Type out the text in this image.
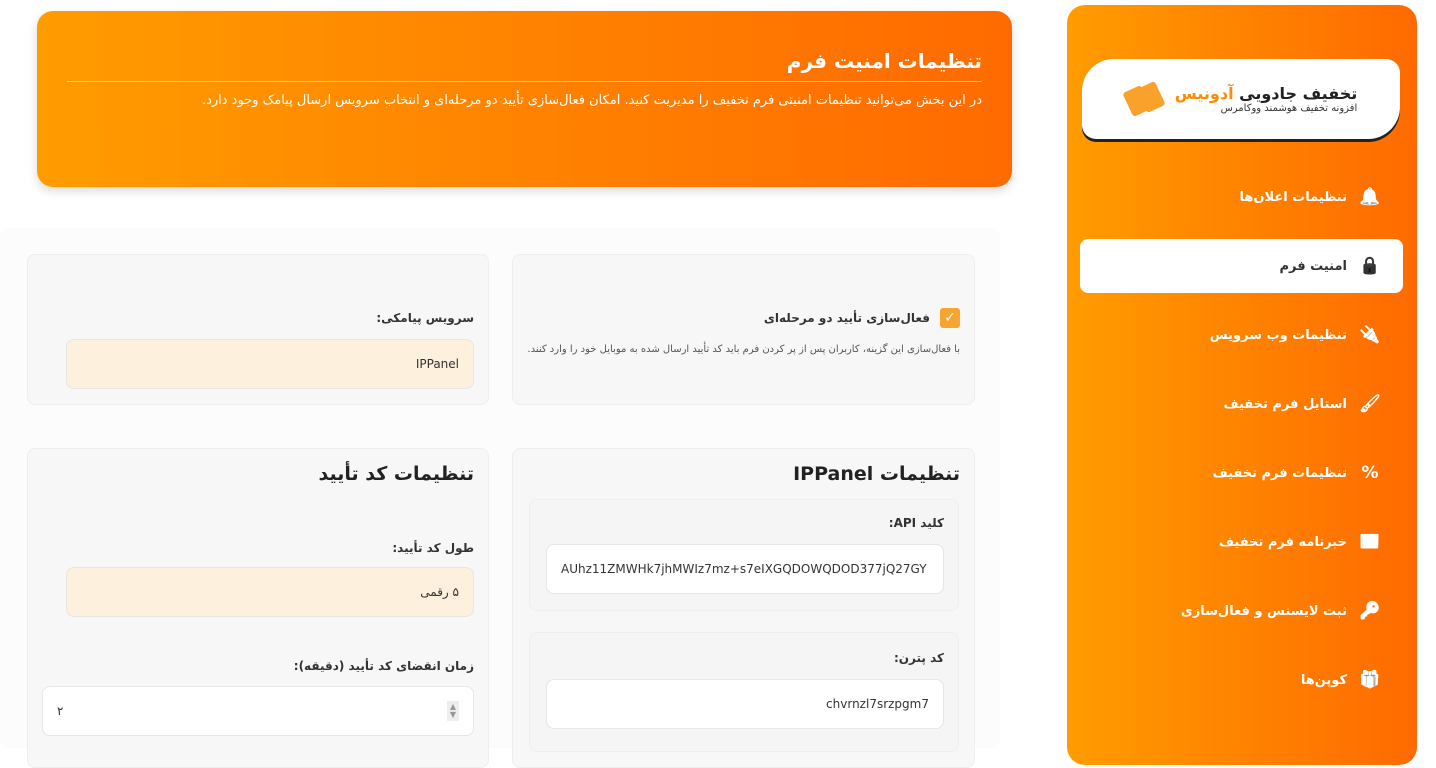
تخفیف جادویی آدونیس
افزونه تخفیف هوشمند ووکامرس
🔔
تنظیمات اعلان‌ها
🔒
امنیت فرم
🔌
تنظیمات وب سرویس
🖌
استایل فرم تخفیف
%
تنظیمات فرم تخفیف
📰
خبرنامه فرم تخفیف
🔑
ثبت لایسنس و فعال‌سازی
🎁
کوپن‌ها
تنظیمات امنیت فرم

در این بخش می‌توانید تنظیمات امنیتی فرم تخفیف را مدیریت کنید. امکان فعال‌سازی تأیید دو مرحله‌ای و انتخاب سرویس ارسال پیامک وجود دارد.

✓
فعال‌سازی تأیید دو مرحله‌ای
با فعال‌سازی این گزینه، کاربران پس از پر کردن فرم باید کد تأیید ارسال شده به موبایل خود را وارد کنند.
سرویس پیامکی:
IPPanel
تنظیمات IPPanel
کلید API:
AUhz11ZMWHk7jhMWIz7mz+s7eIXGQDOWQDOD377jQ27GY
کد پترن:
chvrnzl7srzpgm7
تنظیمات کد تأیید
طول کد تأیید:
۵ رقمی
زمان انقضای کد تأیید (دقیقه):
۲	▲
▼
